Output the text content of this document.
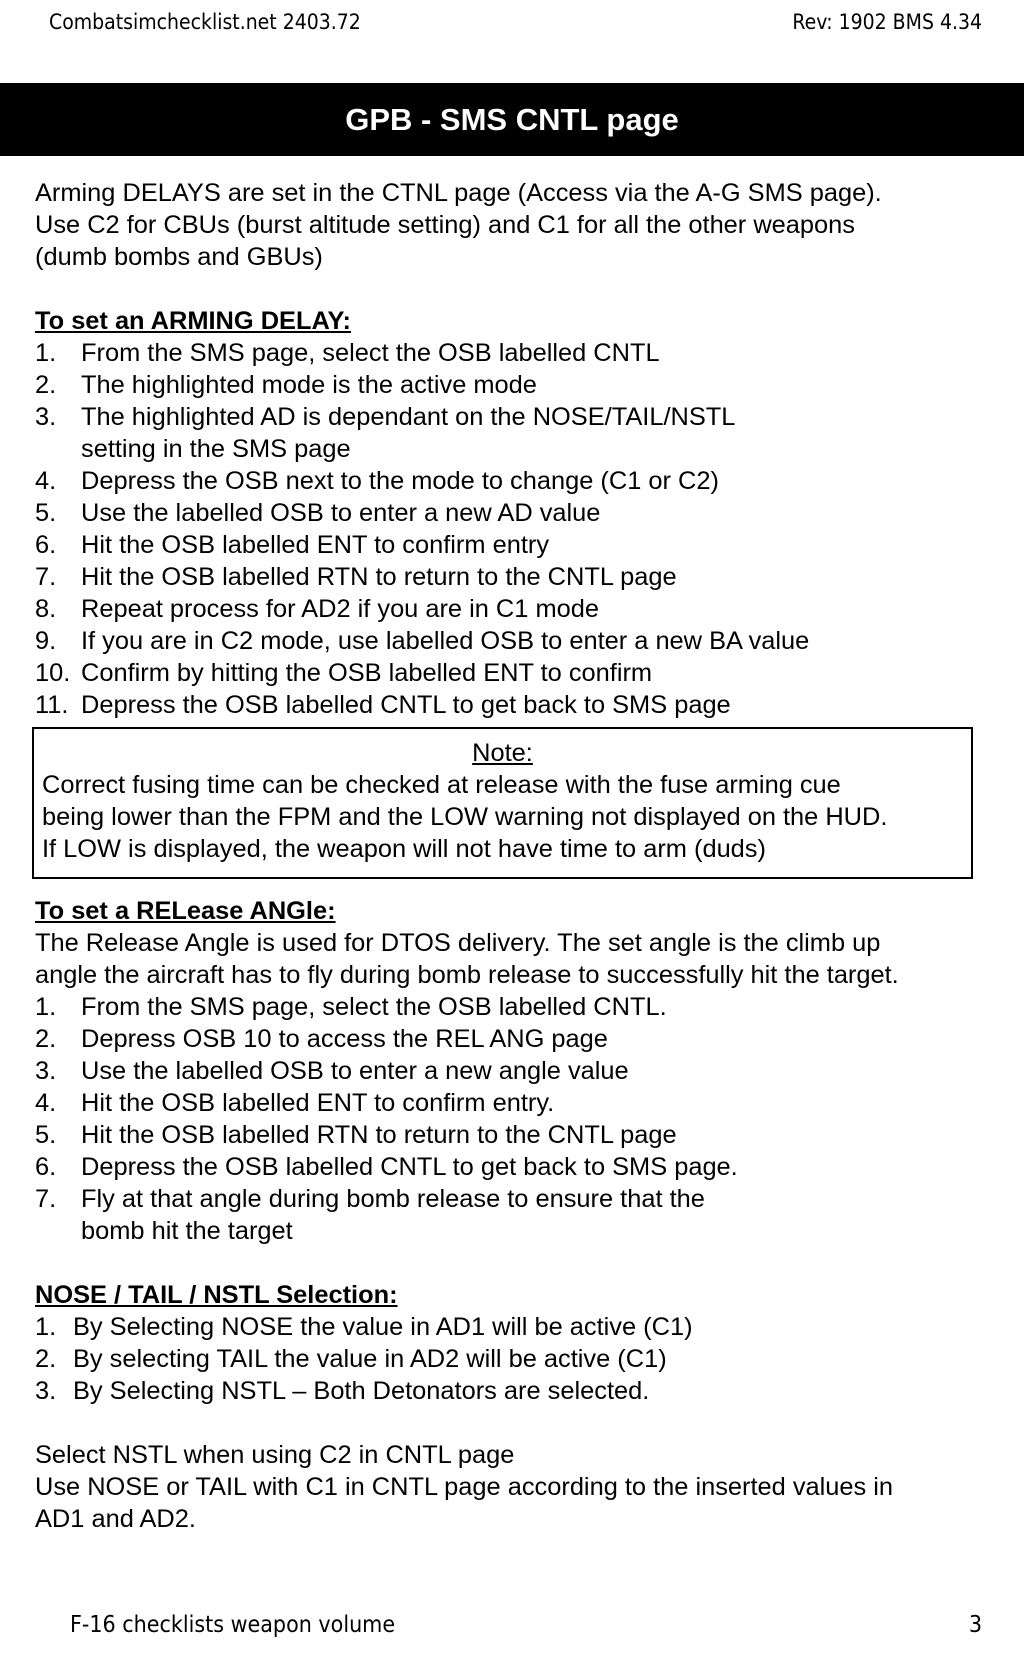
Combatsimchecklist.net 2403.72	Rev: 1902 BMS 4.34
GPB - SMS CNTL page

Arming DELAYS are set in the CTNL page (Access via the A-G SMS page).

Use C2 for CBUs (burst altitude setting) and C1 for all the other weapons

(dumb bombs and GBUs)

To set an ARMING DELAY:

1. From the SMS page, select the OSB labelled CNTL
2. The highlighted mode is the active mode
3. The highlighted AD is dependant on the NOSE/TAIL/NSTL
setting in the SMS page
4. Depress the OSB next to the mode to change (C1 or C2)
5. Use the labelled OSB to enter a new AD value
6. Hit the OSB labelled ENT to confirm entry
7. Hit the OSB labelled RTN to return to the CNTL page
8. Repeat process for AD2 if you are in C1 mode
9. If you are in C2 mode, use labelled OSB to enter a new BA value
10. Confirm by hitting the OSB labelled ENT to confirm
11. Depress the OSB labelled CNTL to get back to SMS page

Note:

Correct fusing time can be checked at release with the fuse arming cue

being lower than the FPM and the LOW warning not displayed on the HUD.

If LOW is displayed, the weapon will not have time to arm (duds)

To set a RELease ANGle:

The Release Angle is used for DTOS delivery. The set angle is the climb up

angle the aircraft has to fly during bomb release to successfully hit the target.

1. From the SMS page, select the OSB labelled CNTL.
2. Depress OSB 10 to access the REL ANG page
3. Use the labelled OSB to enter a new angle value
4. Hit the OSB labelled ENT to confirm entry.
5. Hit the OSB labelled RTN to return to the CNTL page
6. Depress the OSB labelled CNTL to get back to SMS page.
7. Fly at that angle during bomb release to ensure that the
bomb hit the target

NOSE / TAIL / NSTL Selection:

1. By Selecting NOSE the value in AD1 will be active (C1)
2. By selecting TAIL the value in AD2 will be active (C1)
3. By Selecting NSTL – Both Detonators are selected.

Select NSTL when using C2 in CNTL page

Use NOSE or TAIL with C1 in CNTL page according to the inserted values in

AD1 and AD2.

F-16 checklists weapon volume	3
